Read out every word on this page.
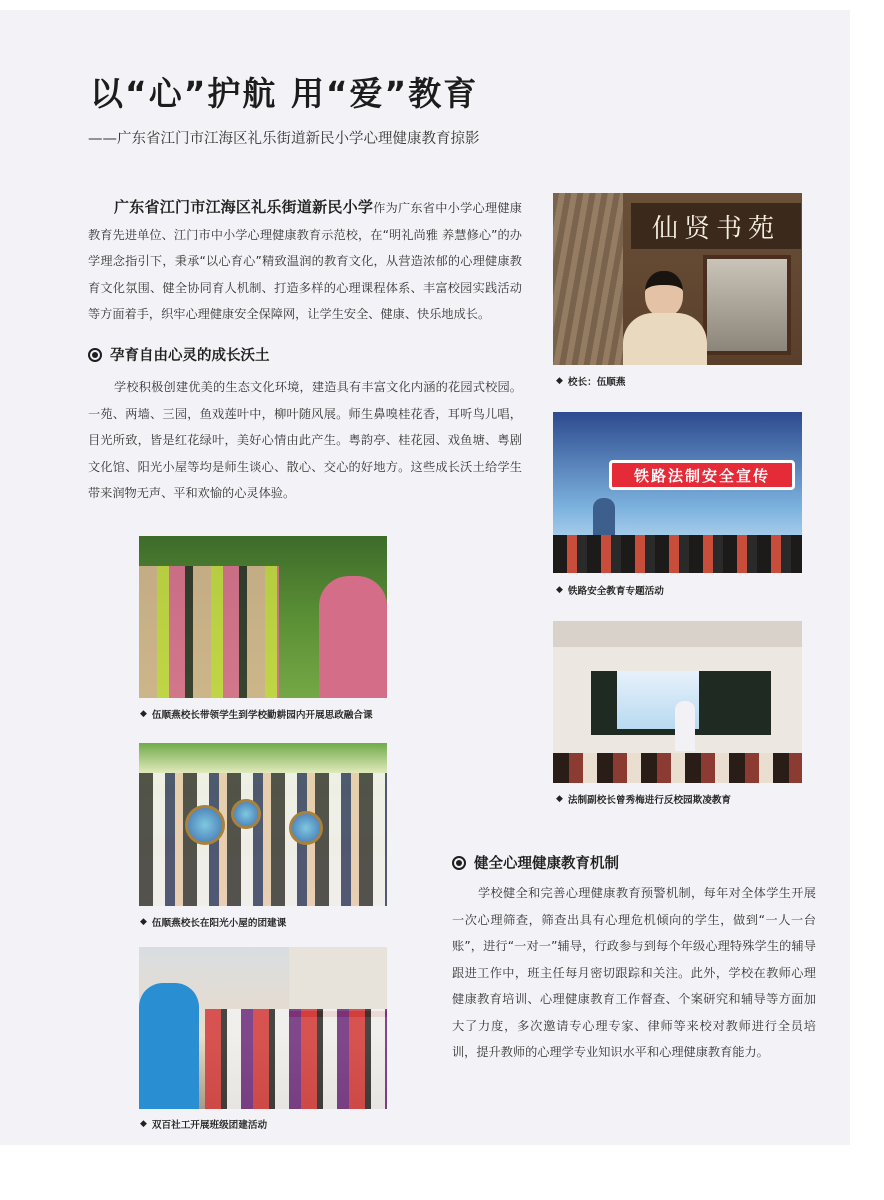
以“心”护航 用“爱”教育
——广东省江门市江海区礼乐街道新民小学心理健康教育掠影

广东省江门市江海区礼乐街道新民小学作为广东省中小学心理健康教育先进单位、江门市中小学心理健康教育示范校，在“明礼尚雅 养慧修心”的办学理念指引下，秉承“以心育心”精致温润的教育文化，从营造浓郁的心理健康教育文化氛围、健全协同育人机制、打造多样的心理课程体系、丰富校园实践活动等方面着手，织牢心理健康安全保障网，让学生安全、健康、快乐地成长。

孕育自由心灵的成长沃土

学校积极创建优美的生态文化环境，建造具有丰富文化内涵的花园式校园。一苑、两墙、三园，鱼戏莲叶中，柳叶随风展。师生鼻嗅桂花香，耳听鸟儿唱，目光所致，皆是红花绿叶，美好心情由此产生。粤韵亭、桂花园、戏鱼塘、粤剧文化馆、阳光小屋等均是师生谈心、散心、交心的好地方。这些成长沃土给学生带来润物无声、平和欢愉的心灵体验。

仙贤书苑
◆ 校长：伍顺燕
铁路法制安全宣传
◆ 铁路安全教育专题活动
◆ 法制副校长曾秀梅进行反校园欺凌教育
◆ 伍顺燕校长带领学生到学校勤耕园内开展思政融合课
◆ 伍顺燕校长在阳光小屋的团建课
◆ 双百社工开展班级团建活动
健全心理健康教育机制

学校健全和完善心理健康教育预警机制，每年对全体学生开展一次心理筛查，筛查出具有心理危机倾向的学生，做到“一人一台账”，进行“一对一”辅导，行政参与到每个年级心理特殊学生的辅导跟进工作中，班主任每月密切跟踪和关注。此外，学校在教师心理健康教育培训、心理健康教育工作督查、个案研究和辅导等方面加大了力度，多次邀请专心理专家、律师等来校对教师进行全员培训，提升教师的心理学专业知识水平和心理健康教育能力。
